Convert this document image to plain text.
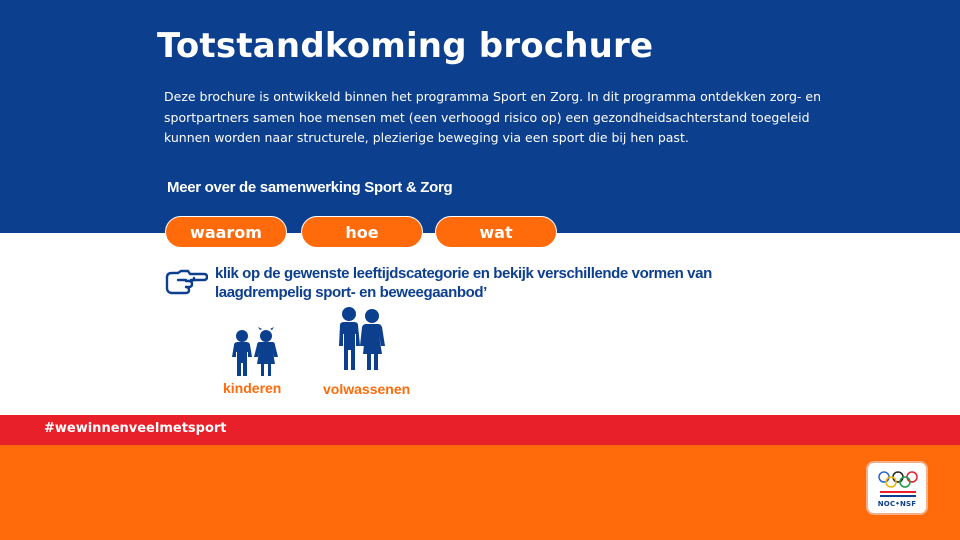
Totstandkoming brochure

Deze brochure is ontwikkeld binnen het programma Sport en Zorg. In dit programma ontdekken zorg- en sportpartners samen hoe mensen met (een verhoogd risico op) een gezondheidsachterstand toegeleid kunnen worden naar structurele, plezierige beweging via een sport die bij hen past.

Meer over de samenwerking Sport & Zorg

waarom	hoe	wat

klik op de gewenste leeftijdscategorie en bekijk verschillende vormen van laagdrempelig sport- en beweegaanbod’

kinderen	volwassenen

#wewinnenveelmetsport

NOC•NSF
